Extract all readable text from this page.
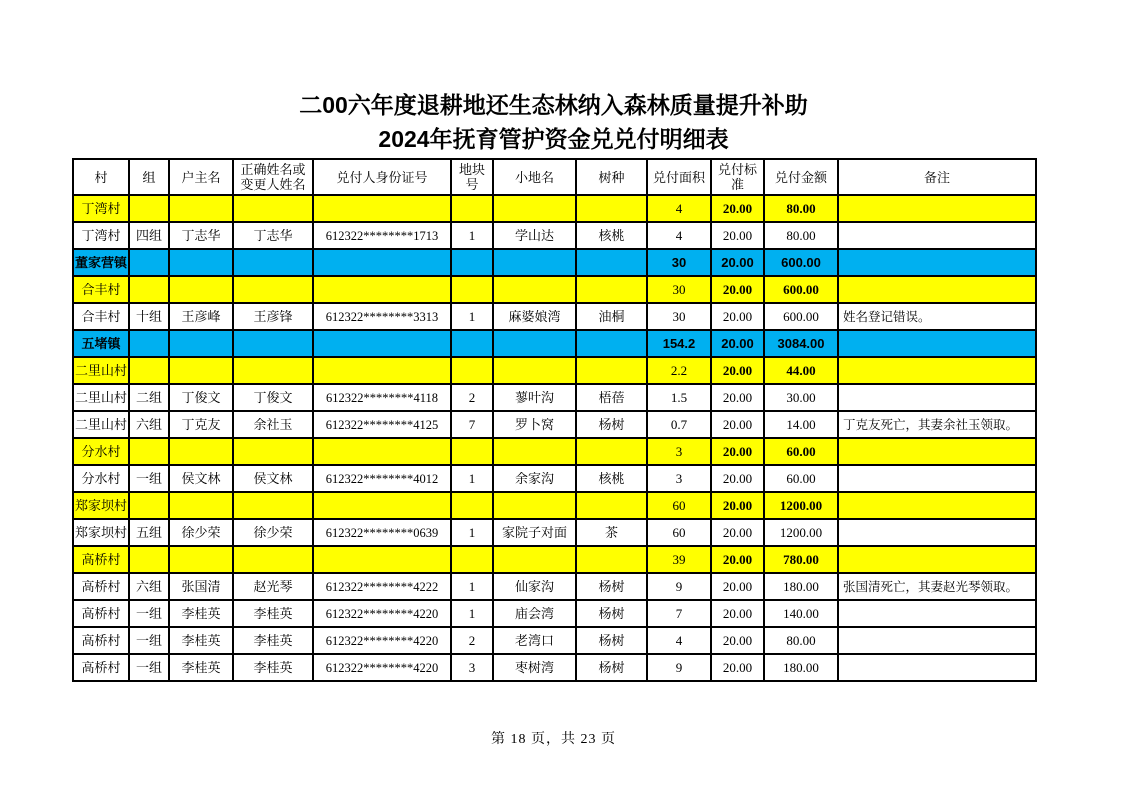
二00六年度退耕地还生态林纳入森林质量提升补助
2024年抚育管护资金兑兑付明细表
村	组	户主名	正确姓名或变更人姓名	兑付人身份证号	地块号	小地名	树种	兑付面积	兑付标准	兑付金额	备注

丁湾村								4	20.00	80.00	

丁湾村	四组	丁志华	丁志华	612322********1713	1	学山达	核桃	4	20.00	80.00	

董家营镇								30	20.00	600.00	

合丰村								30	20.00	600.00	

合丰村	十组	王彦峰	王彦锋	612322********3313	1	麻婆娘湾	油桐	30	20.00	600.00	姓名登记错误。

五堵镇								154.2	20.00	3084.00	

二里山村								2.2	20.00	44.00	

二里山村	二组	丁俊文	丁俊文	612322********4118	2	蓼叶沟	梧蓓	1.5	20.00	30.00	

二里山村	六组	丁克友	余社玉	612322********4125	7	罗卜窝	杨树	0.7	20.00	14.00	丁克友死亡，其妻余社玉领取。

分水村								3	20.00	60.00	

分水村	一组	侯文林	侯文林	612322********4012	1	余家沟	核桃	3	20.00	60.00	

郑家坝村								60	20.00	1200.00	

郑家坝村	五组	徐少荣	徐少荣	612322********0639	1	家院子对面	茶	60	20.00	1200.00	

高桥村								39	20.00	780.00	

高桥村	六组	张国清	赵光琴	612322********4222	1	仙家沟	杨树	9	20.00	180.00	张国清死亡，其妻赵光琴领取。

高桥村	一组	李桂英	李桂英	612322********4220	1	庙会湾	杨树	7	20.00	140.00	

高桥村	一组	李桂英	李桂英	612322********4220	2	老湾口	杨树	4	20.00	80.00	

高桥村	一组	李桂英	李桂英	612322********4220	3	枣树湾	杨树	9	20.00	180.00	

第 18 页，共 23 页
